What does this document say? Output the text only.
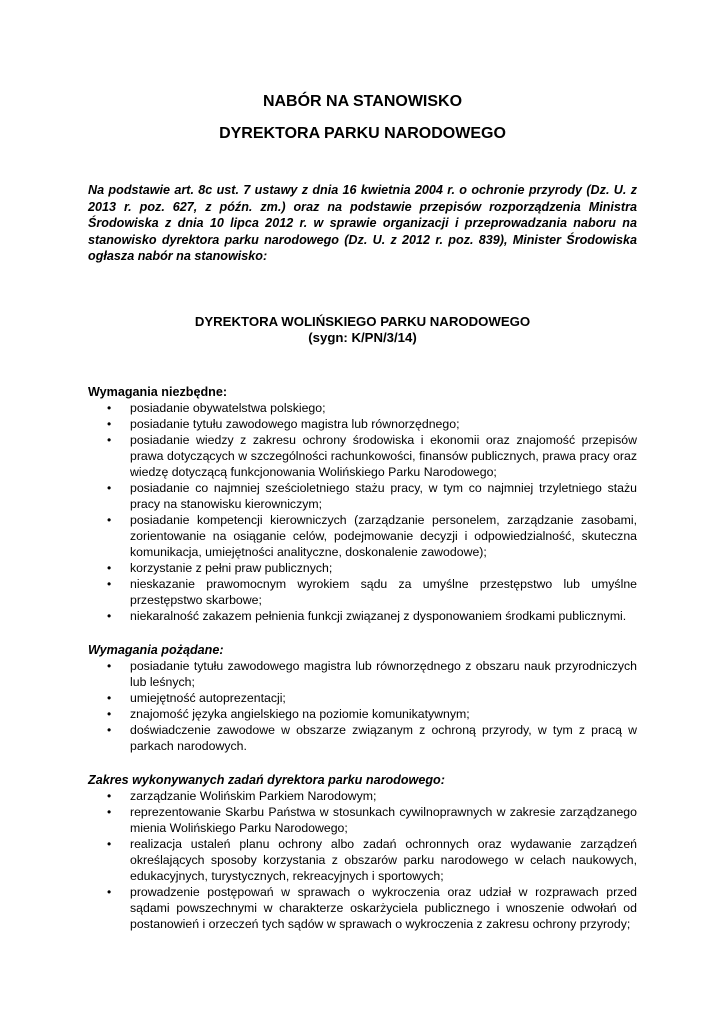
NABÓR NA STANOWISKO
DYREKTORA PARKU NARODOWEGO

Na podstawie art. 8c ust. 7 ustawy z dnia 16 kwietnia 2004 r. o ochronie przyrody (Dz. U. z 2013 r. poz. 627, z późn. zm.) oraz na podstawie przepisów rozporządzenia Ministra Środowiska z dnia 10 lipca 2012 r. w sprawie organizacji i przeprowadzania naboru na stanowisko dyrektora parku narodowego (Dz. U. z 2012 r. poz. 839), Minister Środowiska ogłasza nabór na stanowisko:

DYREKTORA WOLIŃSKIEGO PARKU NARODOWEGO
(sygn: K/PN/3/14)

Wymagania niezbędne:

• posiadanie obywatelstwa polskiego;
• posiadanie tytułu zawodowego magistra lub równorzędnego;
• posiadanie wiedzy z zakresu ochrony środowiska i ekonomii oraz znajomość przepisów prawa dotyczących w szczególności rachunkowości, finansów publicznych, prawa pracy oraz wiedzę dotyczącą funkcjonowania Wolińskiego Parku Narodowego;
• posiadanie co najmniej sześcioletniego stażu pracy, w tym co najmniej trzyletniego stażu pracy na stanowisku kierowniczym;
• posiadanie kompetencji kierowniczych (zarządzanie personelem, zarządzanie zasobami, zorientowanie na osiąganie celów, podejmowanie decyzji i odpowiedzialność, skuteczna komunikacja, umiejętności analityczne, doskonalenie zawodowe);
• korzystanie z pełni praw publicznych;
• nieskazanie prawomocnym wyrokiem sądu za umyślne przestępstwo lub umyślne przestępstwo skarbowe;
• niekaralność zakazem pełnienia funkcji związanej z dysponowaniem środkami publicznymi.

Wymagania pożądane:

• posiadanie tytułu zawodowego magistra lub równorzędnego z obszaru nauk przyrodniczych lub leśnych;
• umiejętność autoprezentacji;
• znajomość języka angielskiego na poziomie komunikatywnym;
• doświadczenie zawodowe w obszarze związanym z ochroną przyrody, w tym z pracą w parkach narodowych.

Zakres wykonywanych zadań dyrektora parku narodowego:

• zarządzanie Wolińskim Parkiem Narodowym;
• reprezentowanie Skarbu Państwa w stosunkach cywilnoprawnych w zakresie zarządzanego mienia Wolińskiego Parku Narodowego;
• realizacja ustaleń planu ochrony albo zadań ochronnych oraz wydawanie zarządzeń określających sposoby korzystania z obszarów parku narodowego w celach naukowych, edukacyjnych, turystycznych, rekreacyjnych i sportowych;
• prowadzenie postępowań w sprawach o wykroczenia oraz udział w rozprawach przed sądami powszechnymi w charakterze oskarżyciela publicznego i wnoszenie odwołań od postanowień i orzeczeń tych sądów w sprawach o wykroczenia z zakresu ochrony przyrody;
